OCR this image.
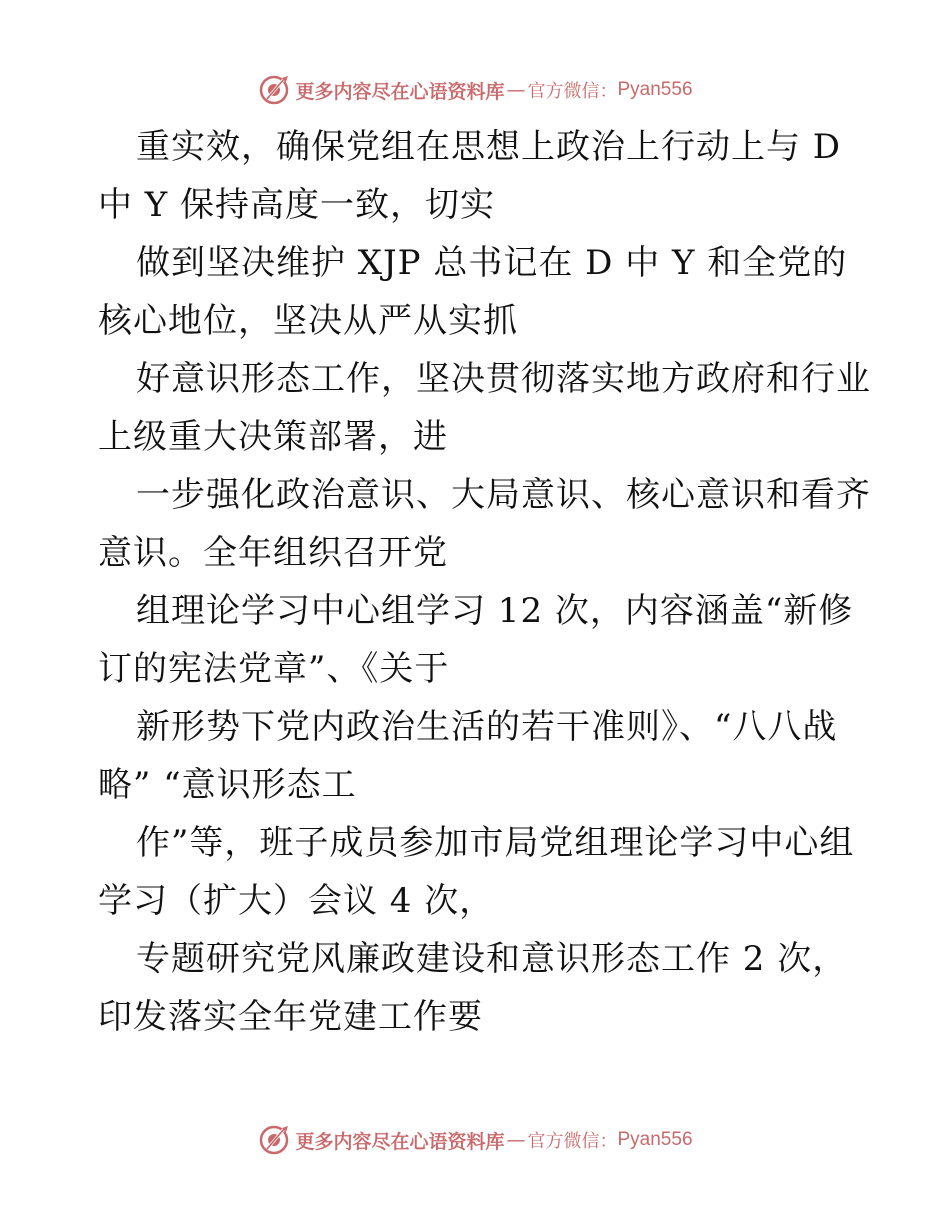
更多内容尽在心语资料库 — 官方微信： Pyan556
重实效，确保党组在思想上政治上行动上与 D
中 Y 保持高度一致，切实
做到坚决维护 XJP 总书记在 D 中 Y 和全党的
核心地位，坚决从严从实抓
好意识形态工作，坚决贯彻落实地方政府和行业
上级重大决策部署，进
一步强化政治意识、大局意识、核心意识和看齐
意识。全年组织召开党
组理论学习中心组学习 12 次，内容涵盖“新修
订的宪法党章”、《关于
新形势下党内政治生活的若干准则》、“八八战
略” “意识形态工
作”等，班子成员参加市局党组理论学习中心组
学习（扩大）会议 4 次，
专题研究党风廉政建设和意识形态工作 2 次，
印发落实全年党建工作要
更多内容尽在心语资料库 — 官方微信： Pyan556
